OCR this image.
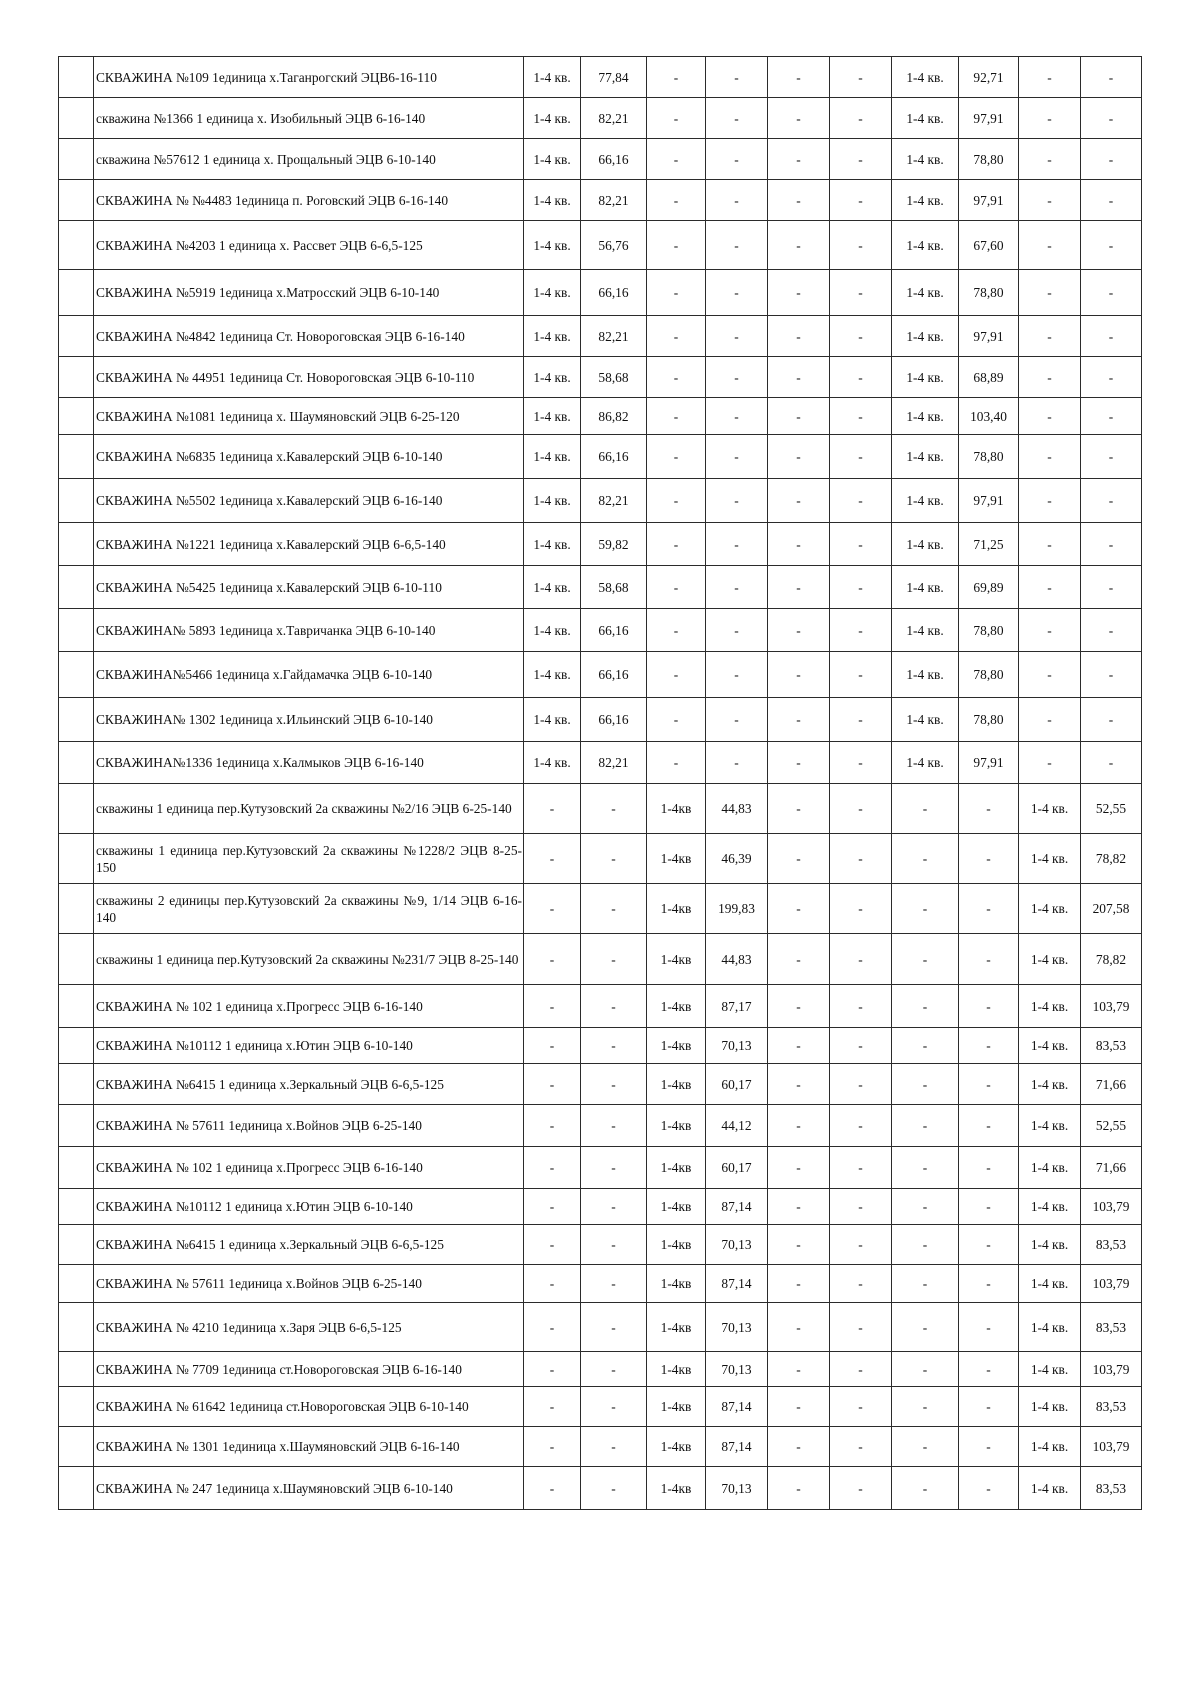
	СКВАЖИНА №109 1единица х.Таганрогский ЭЦВ6-16-110	1-4 кв.	77,84	-	-	-	-	1-4 кв.	92,71	-	-
	скважина №1366 1 единица х. Изобильный ЭЦВ 6-16-140	1-4 кв.	82,21	-	-	-	-	1-4 кв.	97,91	-	-
	скважина №57612 1 единица х. Прощальный ЭЦВ 6-10-140	1-4 кв.	66,16	-	-	-	-	1-4 кв.	78,80	-	-
	СКВАЖИНА № №4483 1единица п. Роговский ЭЦВ 6-16-140	1-4 кв.	82,21	-	-	-	-	1-4 кв.	97,91	-	-
	СКВАЖИНА №4203 1 единица х. Рассвет ЭЦВ 6-6,5-125	1-4 кв.	56,76	-	-	-	-	1-4 кв.	67,60	-	-
	СКВАЖИНА №5919 1единица х.Матросский ЭЦВ 6-10-140	1-4 кв.	66,16	-	-	-	-	1-4 кв.	78,80	-	-
	СКВАЖИНА №4842 1единица Ст. Новороговская ЭЦВ 6-16-140	1-4 кв.	82,21	-	-	-	-	1-4 кв.	97,91	-	-
	СКВАЖИНА № 44951 1единица Ст. Новороговская ЭЦВ 6-10-110	1-4 кв.	58,68	-	-	-	-	1-4 кв.	68,89	-	-
	СКВАЖИНА №1081 1единица х. Шаумяновский ЭЦВ 6-25-120	1-4 кв.	86,82	-	-	-	-	1-4 кв.	103,40	-	-
	СКВАЖИНА №6835 1единица х.Кавалерский ЭЦВ 6-10-140	1-4 кв.	66,16	-	-	-	-	1-4 кв.	78,80	-	-
	СКВАЖИНА №5502 1единица х.Кавалерский ЭЦВ 6-16-140	1-4 кв.	82,21	-	-	-	-	1-4 кв.	97,91	-	-
	СКВАЖИНА №1221 1единица х.Кавалерский ЭЦВ 6-6,5-140	1-4 кв.	59,82	-	-	-	-	1-4 кв.	71,25	-	-
	СКВАЖИНА №5425 1единица х.Кавалерский ЭЦВ 6-10-110	1-4 кв.	58,68	-	-	-	-	1-4 кв.	69,89	-	-
	СКВАЖИНА№ 5893 1единица х.Тавричанка ЭЦВ 6-10-140	1-4 кв.	66,16	-	-	-	-	1-4 кв.	78,80	-	-
	СКВАЖИНА№5466 1единица х.Гайдамачка ЭЦВ 6-10-140	1-4 кв.	66,16	-	-	-	-	1-4 кв.	78,80	-	-
	СКВАЖИНА№ 1302 1единица х.Ильинский ЭЦВ 6-10-140	1-4 кв.	66,16	-	-	-	-	1-4 кв.	78,80	-	-
	СКВАЖИНА№1336 1единица х.Калмыков ЭЦВ 6-16-140	1-4 кв.	82,21	-	-	-	-	1-4 кв.	97,91	-	-
	скважины 1 единица пер.Кутузовский 2а скважины №2/16 ЭЦВ 6-25-140	-	-	1-4кв	44,83	-	-	-	-	1-4 кв.	52,55
	скважины 1 единица пер.Кутузовский 2а скважины №1228/2 ЭЦВ 8-25-150	-	-	1-4кв	46,39	-	-	-	-	1-4 кв.	78,82
	скважины 2 единицы пер.Кутузовский 2а скважины №9, 1/14 ЭЦВ 6-16-140	-	-	1-4кв	199,83	-	-	-	-	1-4 кв.	207,58
	скважины 1 единица пер.Кутузовский 2а скважины №231/7 ЭЦВ 8-25-140	-	-	1-4кв	44,83	-	-	-	-	1-4 кв.	78,82
	СКВАЖИНА № 102 1 единица х.Прогресс ЭЦВ 6-16-140	-	-	1-4кв	87,17	-	-	-	-	1-4 кв.	103,79
	СКВАЖИНА №10112 1 единица х.Ютин ЭЦВ 6-10-140	-	-	1-4кв	70,13	-	-	-	-	1-4 кв.	83,53
	СКВАЖИНА №6415 1 единица х.Зеркальный ЭЦВ 6-6,5-125	-	-	1-4кв	60,17	-	-	-	-	1-4 кв.	71,66
	СКВАЖИНА № 57611 1единица х.Войнов ЭЦВ 6-25-140	-	-	1-4кв	44,12	-	-	-	-	1-4 кв.	52,55
	СКВАЖИНА № 102 1 единица х.Прогресс ЭЦВ 6-16-140	-	-	1-4кв	60,17	-	-	-	-	1-4 кв.	71,66
	СКВАЖИНА №10112 1 единица х.Ютин ЭЦВ 6-10-140	-	-	1-4кв	87,14	-	-	-	-	1-4 кв.	103,79
	СКВАЖИНА №6415 1 единица х.Зеркальный ЭЦВ 6-6,5-125	-	-	1-4кв	70,13	-	-	-	-	1-4 кв.	83,53
	СКВАЖИНА № 57611 1единица х.Войнов ЭЦВ 6-25-140	-	-	1-4кв	87,14	-	-	-	-	1-4 кв.	103,79
	СКВАЖИНА № 4210 1единица х.Заря ЭЦВ 6-6,5-125	-	-	1-4кв	70,13	-	-	-	-	1-4 кв.	83,53
	СКВАЖИНА № 7709 1единица ст.Новороговская ЭЦВ 6-16-140	-	-	1-4кв	70,13	-	-	-	-	1-4 кв.	103,79
	СКВАЖИНА № 61642 1единица ст.Новороговская ЭЦВ 6-10-140	-	-	1-4кв	87,14	-	-	-	-	1-4 кв.	83,53
	СКВАЖИНА № 1301 1единица х.Шаумяновский ЭЦВ 6-16-140	-	-	1-4кв	87,14	-	-	-	-	1-4 кв.	103,79
	СКВАЖИНА № 247 1единица х.Шаумяновский ЭЦВ 6-10-140	-	-	1-4кв	70,13	-	-	-	-	1-4 кв.	83,53
